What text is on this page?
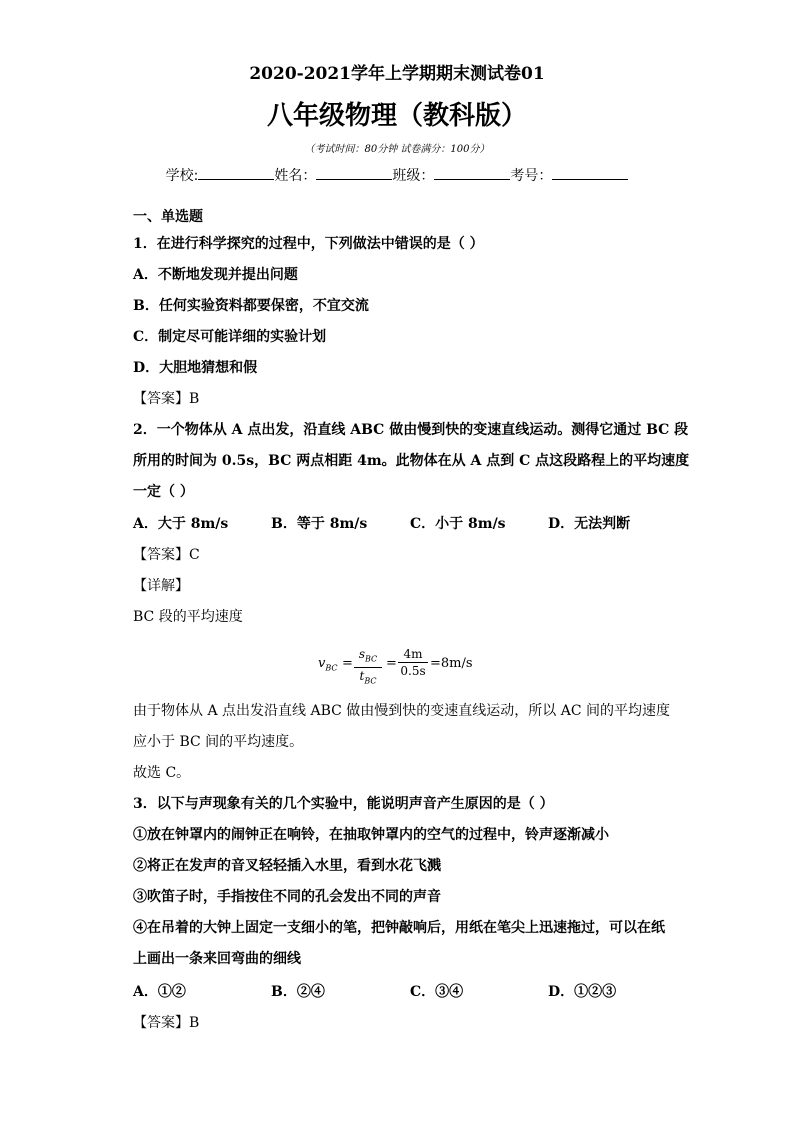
2020-2021学年上学期期末测试卷01
八年级物理（教科版）
（考试时间：80分钟 试卷满分：100分）
学校:	姓名：	班级：	考号：
一、单选题
1．在进行科学探究的过程中，下列做法中错误的是（ ）
A．不断地发现并提出问题
B．任何实验资料都要保密，不宜交流
C．制定尽可能详细的实验计划
D．大胆地猜想和假
【答案】B
2．一个物体从 A 点出发，沿直线 ABC 做由慢到快的变速直线运动。测得它通过 BC 段
所用的时间为 0.5s，BC 两点相距 4m。此物体在从 A 点到 C 点这段路程上的平均速度
一定（ ）
A．大于 8m/s	B．等于 8m/s	C．小于 8m/s	D．无法判断
【答案】C
【详解】
BC 段的平均速度
$v_{BC}$ =
$s_{BC}$
$t_{BC}$
= $\frac{4m}{0.5s} =8m/s$
由于物体从 A 点出发沿直线 ABC 做由慢到快的变速直线运动，所以 AC 间的平均速度
应小于 BC 间的平均速度。
故选 C。
3．以下与声现象有关的几个实验中，能说明声音产生原因的是（ ）
①放在钟罩内的闹钟正在响铃，在抽取钟罩内的空气的过程中，铃声逐渐减小
②将正在发声的音叉轻轻插入水里，看到水花飞溅
③吹笛子时，手指按住不同的孔会发出不同的声音
④在吊着的大钟上固定一支细小的笔，把钟敲响后，用纸在笔尖上迅速拖过，可以在纸
上画出一条来回弯曲的细线
A．①②	B．②④	C．③④	D．①②③
【答案】B
